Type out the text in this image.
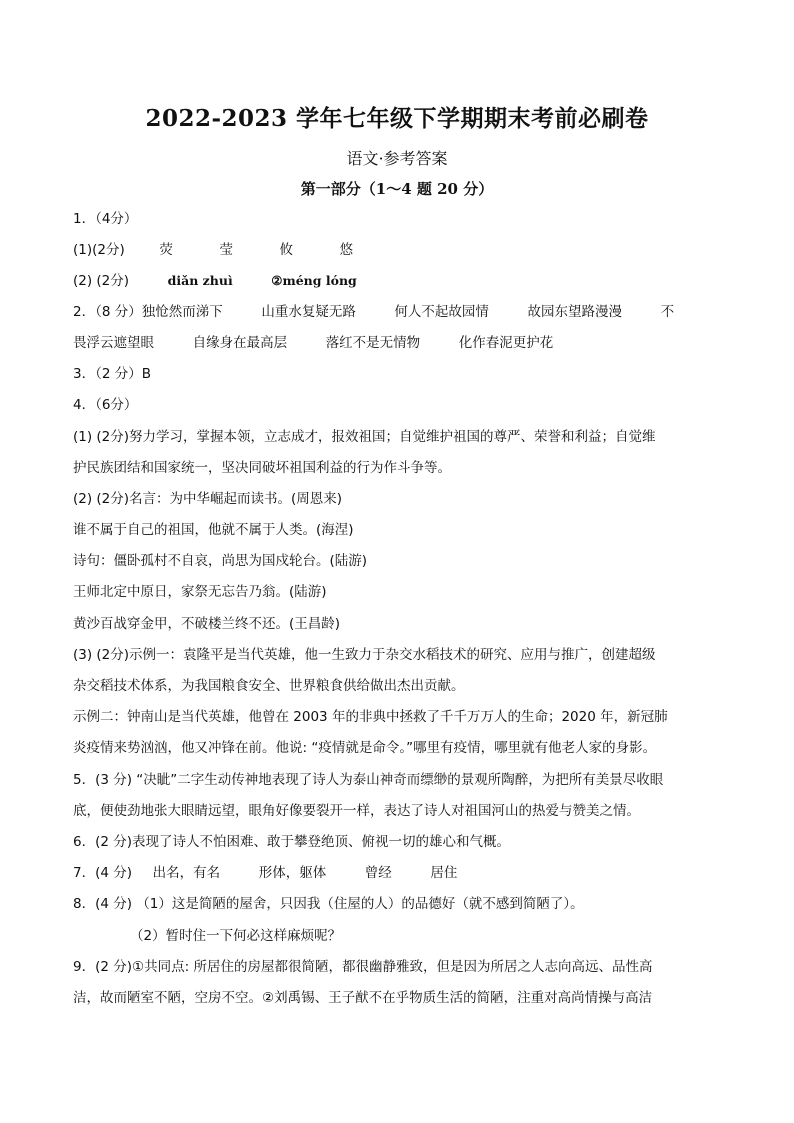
2022-2023 学年七年级下学期期末考前必刷卷
语文·参考答案
第一部分（1～4 题 20 分）
1．（4分）
(1)(2分)	荧	莹	攸	悠
(2) (2分)	diǎn zhuì	②méng lóng
2．（8 分）独怆然而涕下	山重水复疑无路	何人不起故园情	故园东望路漫漫	不
畏浮云遮望眼	自缘身在最高层	落红不是无情物	化作春泥更护花
3．（2 分）B
4．（6分）
(1) (2分)努力学习，掌握本领，立志成才，报效祖国；自觉维护祖国的尊严、荣誉和利益；自觉维
护民族团结和国家统一，坚决同破坏祖国利益的行为作斗争等。
(2) (2分)名言：为中华崛起而读书。(周恩来)
谁不属于自己的祖国，他就不属于人类。(海涅)
诗句：僵卧孤村不自哀，尚思为国戍轮台。(陆游)
王师北定中原日，家祭无忘告乃翁。(陆游)
黄沙百战穿金甲，不破楼兰终不还。(王昌龄)
(3) (2分)示例一：袁隆平是当代英雄，他一生致力于杂交水稻技术的研究、应用与推广，创建超级
杂交稻技术体系，为我国粮食安全、世界粮食供给做出杰出贡献。
示例二：钟南山是当代英雄，他曾在 2003 年的非典中拯救了千千万万人的生命；2020 年，新冠肺
炎疫情来势汹汹，他又冲锋在前。他说: “疫情就是命令。”哪里有疫情，哪里就有他老人家的身影。
5．(3 分) “决眦”二字生动传神地表现了诗人为泰山神奇而缥缈的景观所陶醉，为把所有美景尽收眼
底，便使劲地张大眼睛远望，眼角好像要裂开一样，表达了诗人对祖国河山的热爱与赞美之情。
6．(2 分)表现了诗人不怕困难、敢于攀登绝顶、俯视一切的雄心和气概。
7．(4 分) 出名，有名	形体，躯体	曾经	居住
8．(4 分) （1）这是简陋的屋舍，只因我（住屋的人）的品德好（就不感到简陋了）。
（2）暂时住一下何必这样麻烦呢？
9．(2 分)①共同点: 所居住的房屋都很简陋，都很幽静雅致，但是因为所居之人志向高远、品性高
洁，故而陋室不陋，空房不空。②刘禹锡、王子猷不在乎物质生活的简陋，注重对高尚情操与高洁
